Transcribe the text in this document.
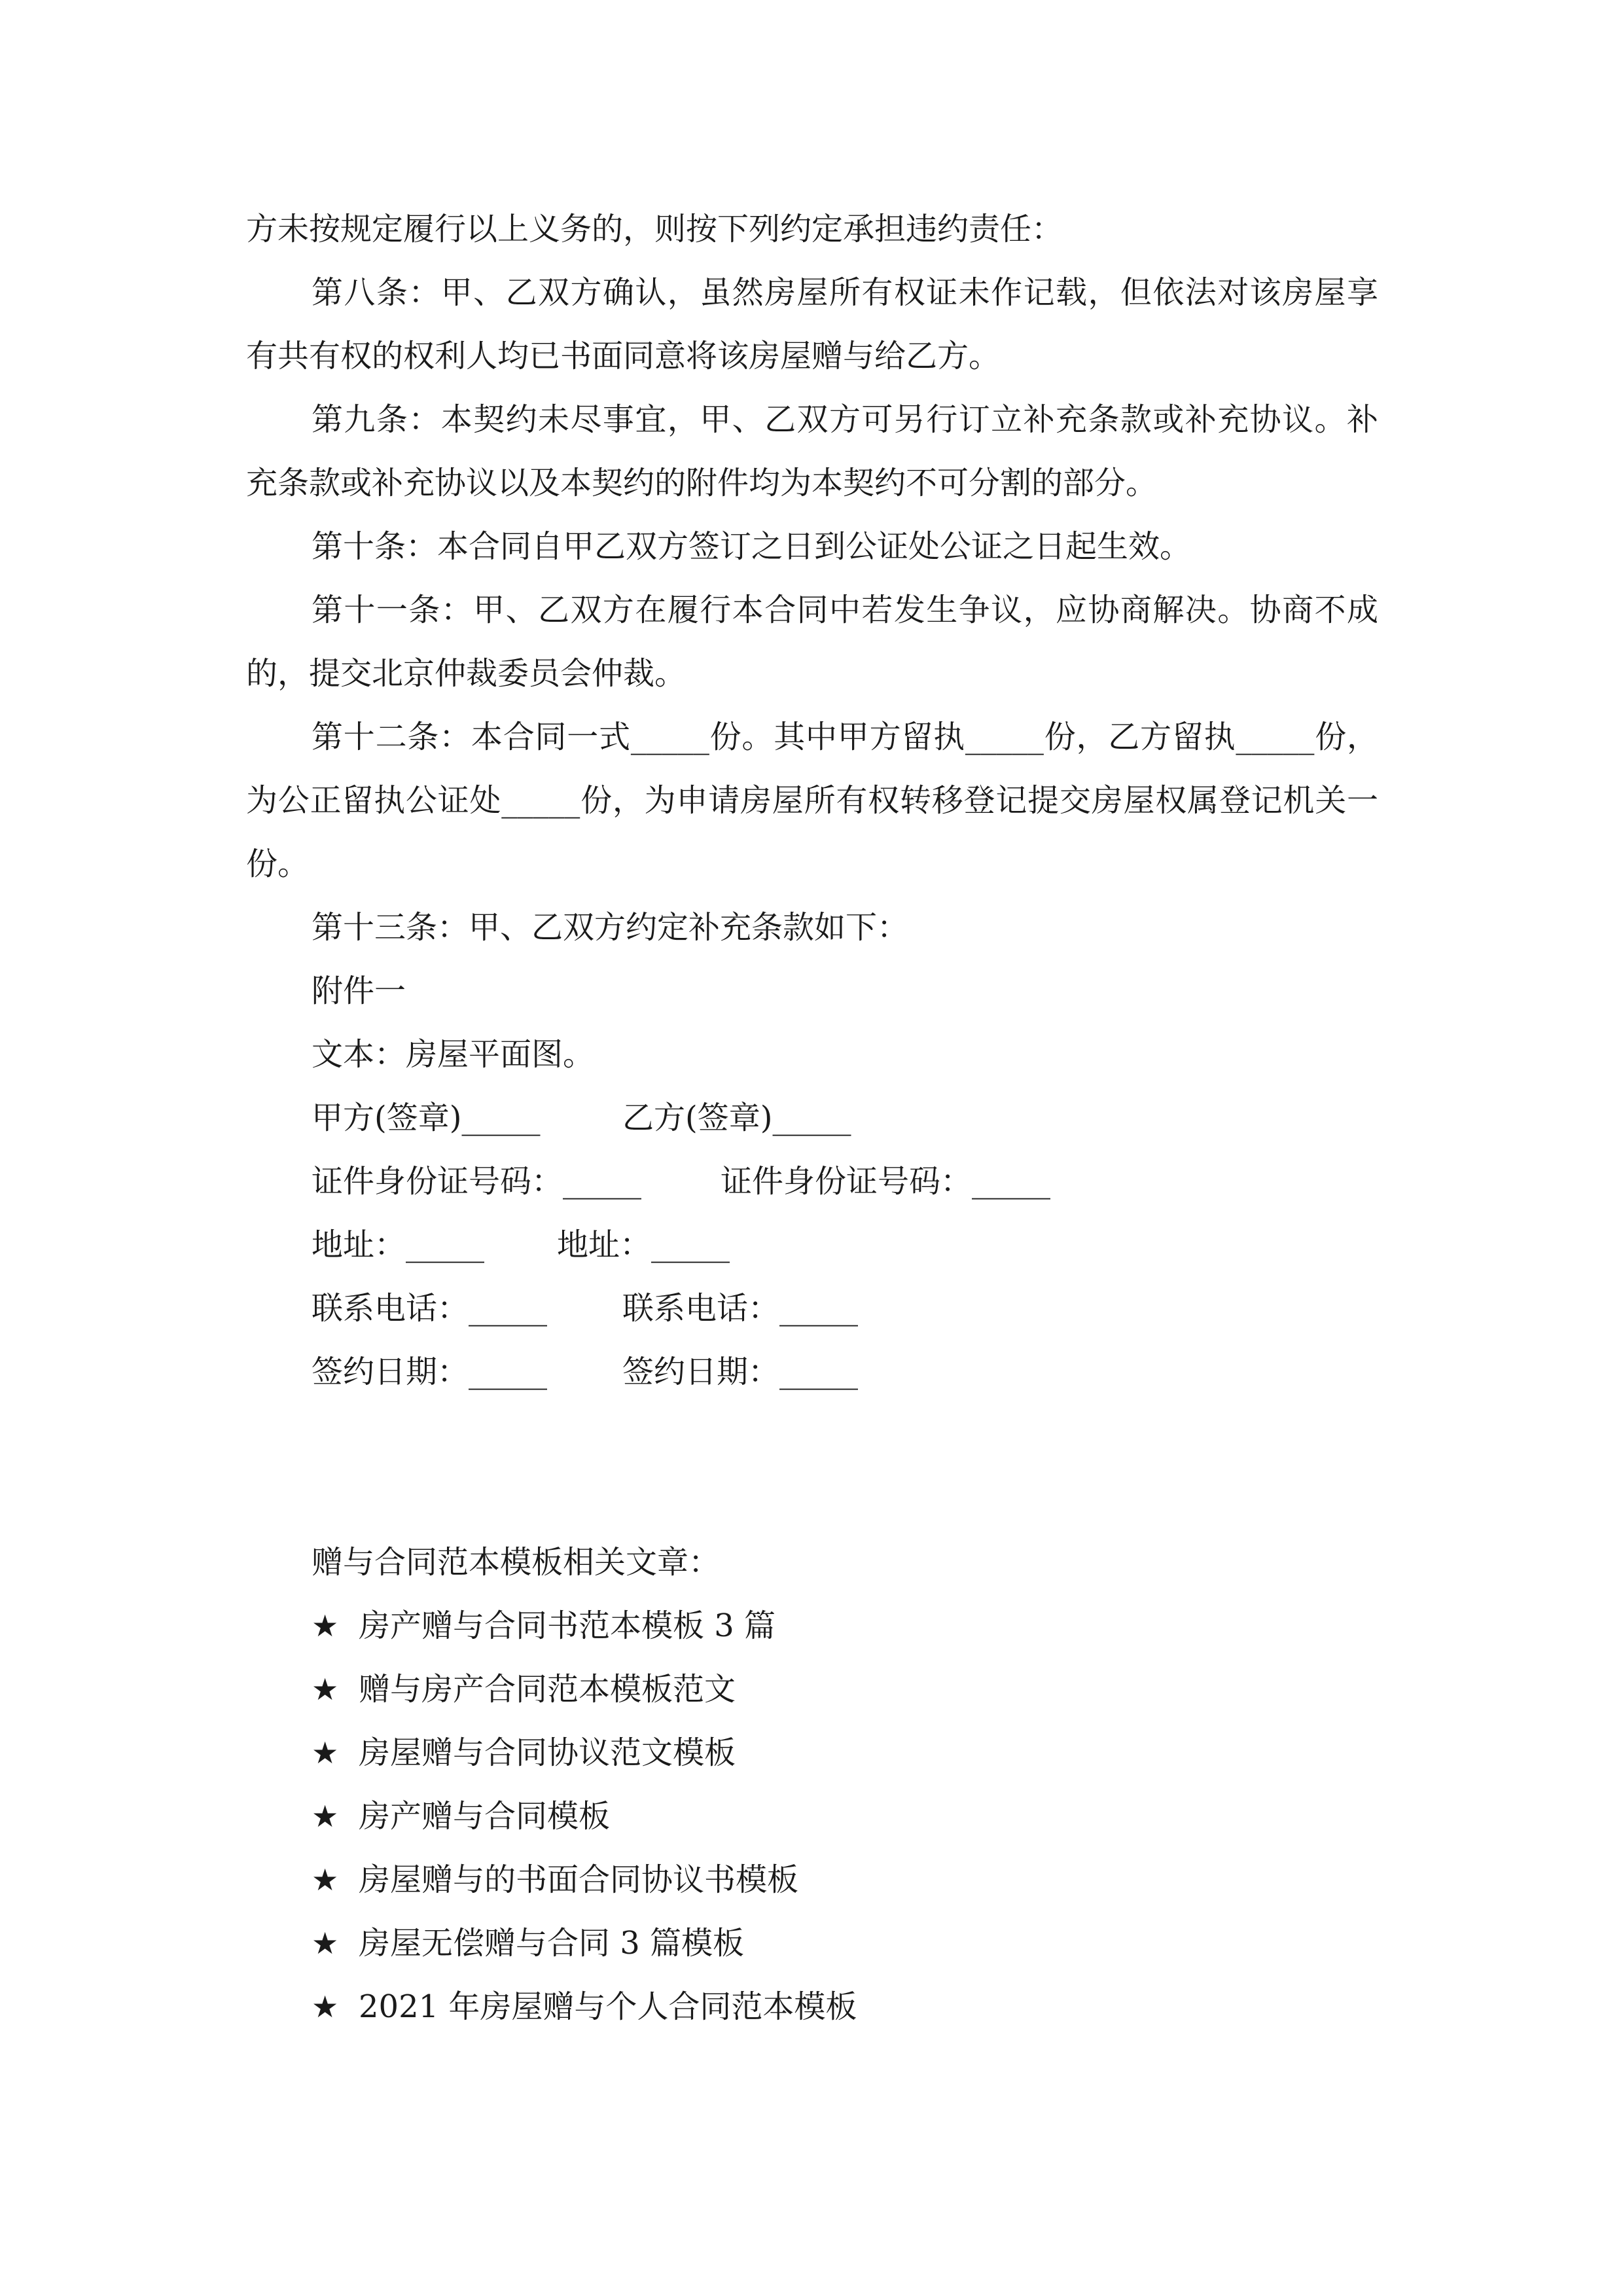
方未按规定履行以上义务的，则按下列约定承担违约责任：

第八条：甲、乙双方确认，虽然房屋所有权证未作记载，但依法对该房屋享有共有权的权利人均已书面同意将该房屋赠与给乙方。

第九条：本契约未尽事宜，甲、乙双方可另行订立补充条款或补充协议。补充条款或补充协议以及本契约的附件均为本契约不可分割的部分。

第十条：本合同自甲乙双方签订之日到公证处公证之日起生效。

第十一条：甲、乙双方在履行本合同中若发生争议，应协商解决。协商不成的，提交北京仲裁委员会仲裁。

第十二条：本合同一式_____份。其中甲方留执_____份，乙方留执_____份，为公正留执公证处_____份，为申请房屋所有权转移登记提交房屋权属登记机关一份。

第十三条：甲、乙双方约定补充条款如下：

附件一

文本：房屋平面图。

甲方(签章)_____	乙方(签章)_____
证件身份证号码：_____	证件身份证号码：_____
地址：_____	地址：_____
联系电话：_____	联系电话：_____
签约日期：_____	签约日期：_____

赠与合同范本模板相关文章：

★ 房产赠与合同书范本模板 3 篇
★ 赠与房产合同范本模板范文
★ 房屋赠与合同协议范文模板
★ 房产赠与合同模板
★ 房屋赠与的书面合同协议书模板
★ 房屋无偿赠与合同 3 篇模板
★ 2021 年房屋赠与个人合同范本模板
